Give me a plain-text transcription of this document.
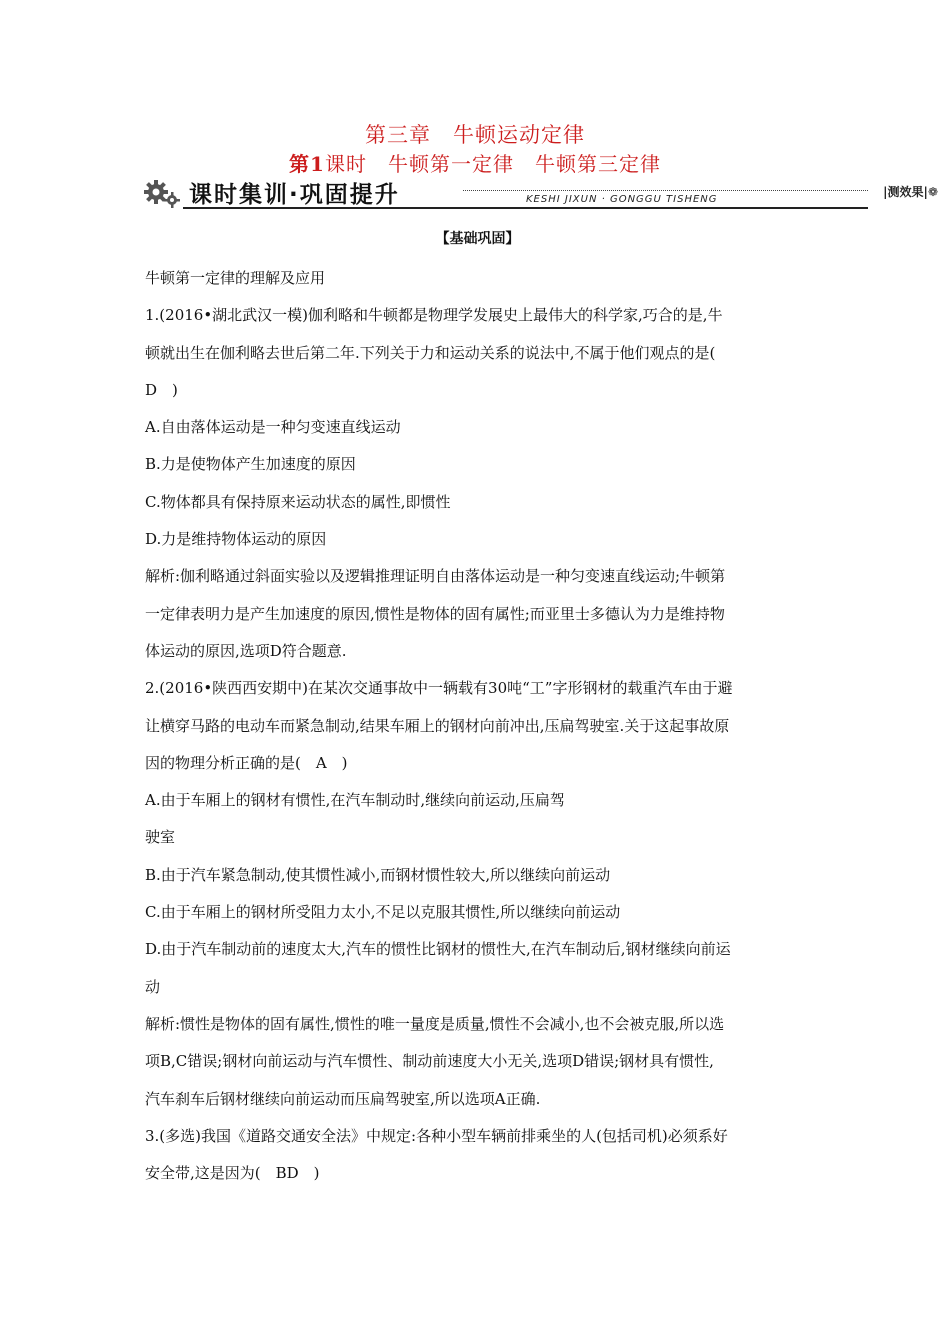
第三章　牛顿运动定律
第1课时　牛顿第一定律　牛顿第三定律
课时集训·巩固提升	KESHI JIXUN · GONGGU TISHENG
|测效果|❁
【基础巩固】
牛顿第一定律的理解及应用
1.(2016•湖北武汉一模)伽利略和牛顿都是物理学发展史上最伟大的科学家,巧合的是,牛
顿就出生在伽利略去世后第二年.下列关于力和运动关系的说法中,不属于他们观点的是(
D　)
A.自由落体运动是一种匀变速直线运动
B.力是使物体产生加速度的原因
C.物体都具有保持原来运动状态的属性,即惯性
D.力是维持物体运动的原因
解析:伽利略通过斜面实验以及逻辑推理证明自由落体运动是一种匀变速直线运动;牛顿第
一定律表明力是产生加速度的原因,惯性是物体的固有属性;而亚里士多德认为力是维持物
体运动的原因,选项D符合题意.
2.(2016•陕西西安期中)在某次交通事故中一辆载有30吨“工”字形钢材的载重汽车由于避
让横穿马路的电动车而紧急制动,结果车厢上的钢材向前冲出,压扁驾驶室.关于这起事故原
因的物理分析正确的是(　A　)
A.由于车厢上的钢材有惯性,在汽车制动时,继续向前运动,压扁驾
驶室
B.由于汽车紧急制动,使其惯性减小,而钢材惯性较大,所以继续向前运动
C.由于车厢上的钢材所受阻力太小,不足以克服其惯性,所以继续向前运动
D.由于汽车制动前的速度太大,汽车的惯性比钢材的惯性大,在汽车制动后,钢材继续向前运
动
解析:惯性是物体的固有属性,惯性的唯一量度是质量,惯性不会减小,也不会被克服,所以选
项B,C错误;钢材向前运动与汽车惯性、制动前速度大小无关,选项D错误;钢材具有惯性,
汽车刹车后钢材继续向前运动而压扁驾驶室,所以选项A正确.
3.(多选)我国《道路交通安全法》中规定:各种小型车辆前排乘坐的人(包括司机)必须系好
安全带,这是因为(　BD　)
